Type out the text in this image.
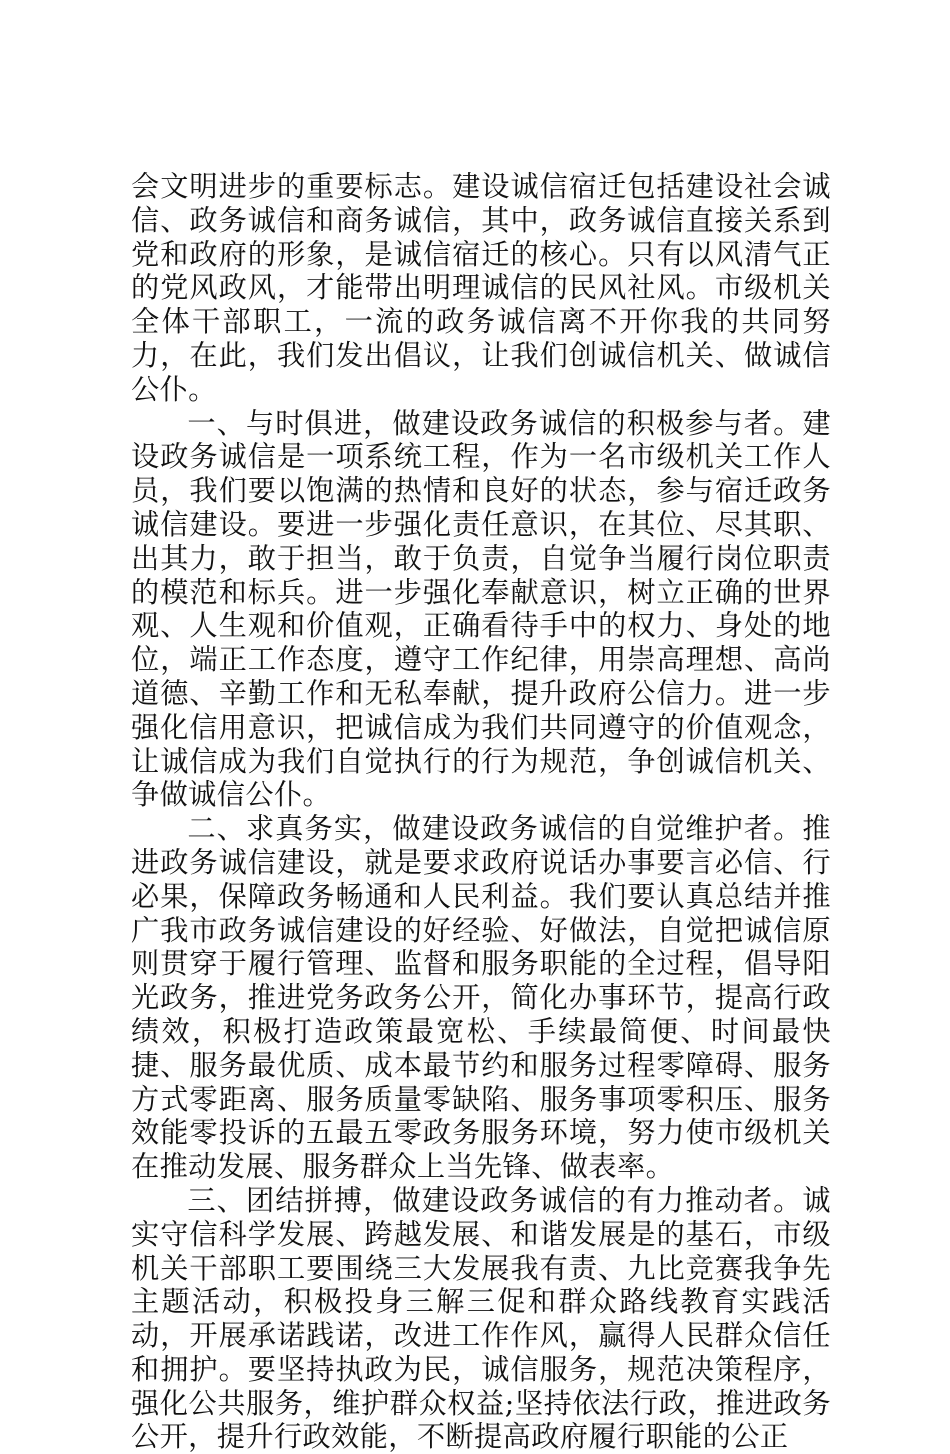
会文明进步的重要标志。建设诚信宿迁包括建设社会诚信、政务诚信和商务诚信，其中，政务诚信直接关系到党和政府的形象，是诚信宿迁的核心。只有以风清气正的党风政风，才能带出明理诚信的民风社风。市级机关全体干部职工，一流的政务诚信离不开你我的共同努力，在此，我们发出倡议，让我们创诚信机关、做诚信公仆。

一、与时俱进，做建设政务诚信的积极参与者。建设政务诚信是一项系统工程，作为一名市级机关工作人员，我们要以饱满的热情和良好的状态，参与宿迁政务诚信建设。要进一步强化责任意识，在其位、尽其职、出其力，敢于担当，敢于负责，自觉争当履行岗位职责的模范和标兵。进一步强化奉献意识，树立正确的世界观、人生观和价值观，正确看待手中的权力、身处的地位，端正工作态度，遵守工作纪律，用崇高理想、高尚道德、辛勤工作和无私奉献，提升政府公信力。进一步强化信用意识，把诚信成为我们共同遵守的价值观念，让诚信成为我们自觉执行的行为规范，争创诚信机关、争做诚信公仆。

二、求真务实，做建设政务诚信的自觉维护者。推进政务诚信建设，就是要求政府说话办事要言必信、行必果，保障政务畅通和人民利益。我们要认真总结并推广我市政务诚信建设的好经验、好做法，自觉把诚信原则贯穿于履行管理、监督和服务职能的全过程，倡导阳光政务，推进党务政务公开，简化办事环节，提高行政绩效，积极打造政策最宽松、手续最简便、时间最快捷、服务最优质、成本最节约和服务过程零障碍、服务方式零距离、服务质量零缺陷、服务事项零积压、服务效能零投诉的五最五零政务服务环境，努力使市级机关在推动发展、服务群众上当先锋、做表率。

三、团结拼搏，做建设政务诚信的有力推动者。诚实守信科学发展、跨越发展、和谐发展是的基石，市级机关干部职工要围绕三大发展我有责、九比竞赛我争先主题活动，积极投身三解三促和群众路线教育实践活动，开展承诺践诺，改进工作作风，赢得人民群众信任和拥护。要坚持执政为民，诚信服务，规范决策程序，强化公共服务，维护群众权益;坚持依法行政，推进政务公开，提升行政效能，不断提高政府履行职能的公正
